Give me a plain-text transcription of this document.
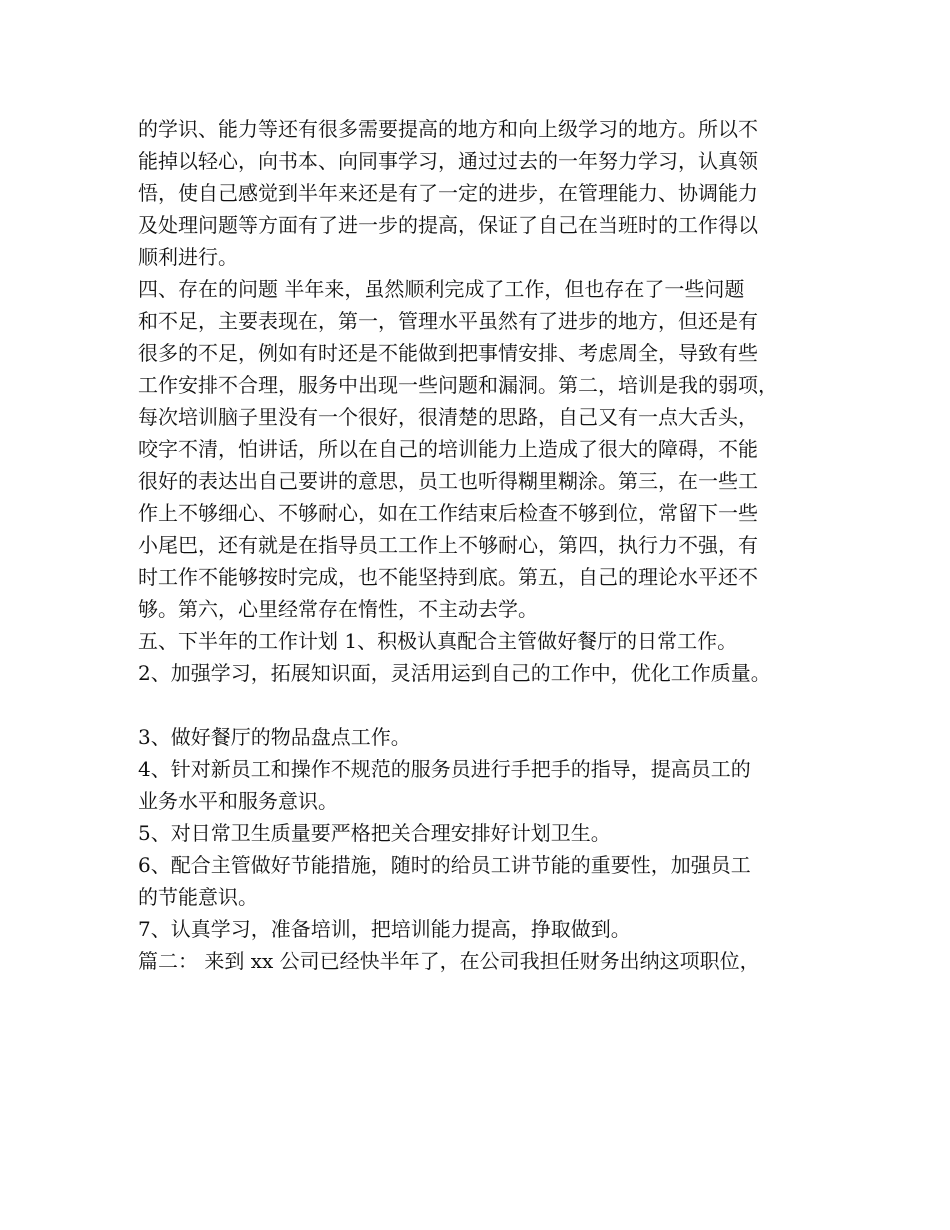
的学识、能力等还有很多需要提高的地方和向上级学习的地方。所以不
能掉以轻心，向书本、向同事学习，通过过去的一年努力学习，认真领
悟，使自己感觉到半年来还是有了一定的进步，在管理能力、协调能力
及处理问题等方面有了进一步的提高，保证了自己在当班时的工作得以
顺利进行。
四、存在的问题 半年来，虽然顺利完成了工作，但也存在了一些问题
和不足，主要表现在，第一，管理水平虽然有了进步的地方，但还是有
很多的不足，例如有时还是不能做到把事情安排、考虑周全，导致有些
工作安排不合理，服务中出现一些问题和漏洞。第二，培训是我的弱项，
每次培训脑子里没有一个很好，很清楚的思路，自己又有一点大舌头，
咬字不清，怕讲话，所以在自己的培训能力上造成了很大的障碍，不能
很好的表达出自己要讲的意思，员工也听得糊里糊涂。第三，在一些工
作上不够细心、不够耐心，如在工作结束后检查不够到位，常留下一些
小尾巴，还有就是在指导员工工作上不够耐心，第四，执行力不强，有
时工作不能够按时完成，也不能坚持到底。第五，自己的理论水平还不
够。第六，心里经常存在惰性，不主动去学。
五、下半年的工作计划 1、积极认真配合主管做好餐厅的日常工作。
2、加强学习，拓展知识面，灵活用运到自己的工作中，优化工作质量。
3、做好餐厅的物品盘点工作。
4、针对新员工和操作不规范的服务员进行手把手的指导，提高员工的
业务水平和服务意识。
5、对日常卫生质量要严格把关合理安排好计划卫生。
6、配合主管做好节能措施，随时的给员工讲节能的重要性，加强员工
的节能意识。
7、认真学习，准备培训，把培训能力提高，挣取做到。
篇二： 来到 xx 公司已经快半年了，在公司我担任财务出纳这项职位，
